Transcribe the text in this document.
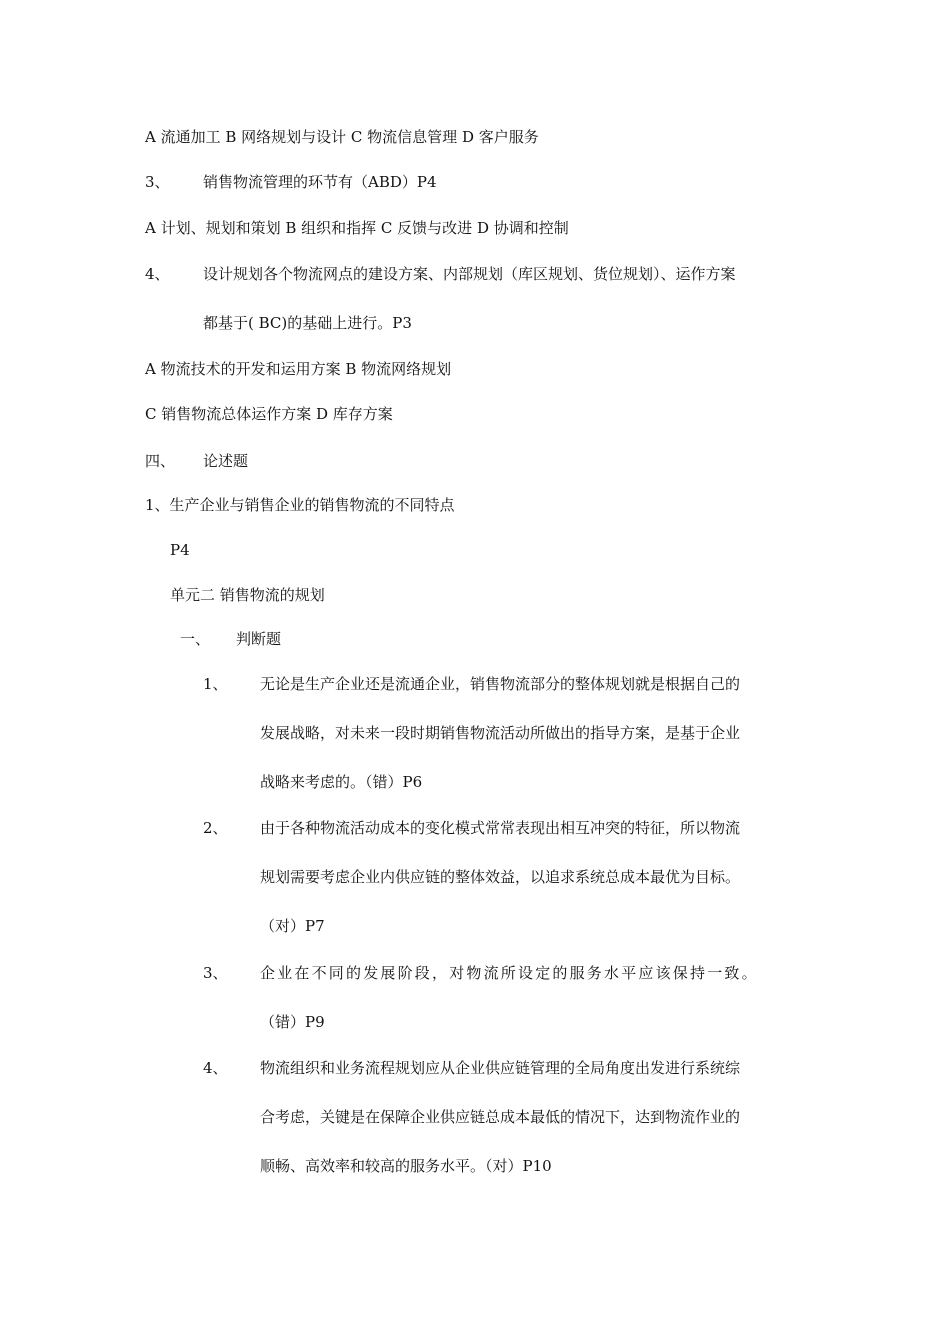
A 流通加工 B 网络规划与设计 C 物流信息管理 D 客户服务
3、 销售物流管理的环节有（ABD）P4
A 计划、规划和策划 B 组织和指挥 C 反馈与改进 D 协调和控制
4、 设计规划各个物流网点的建设方案、内部规划（库区规划、货位规划）、运作方案
都基于( BC)的基础上进行。P3
A 物流技术的开发和运用方案 B 物流网络规划
C 销售物流总体运作方案 D 库存方案
四、 论述题
1、生产企业与销售企业的销售物流的不同特点
P4
单元二 销售物流的规划
一、 判断题
1、 无论是生产企业还是流通企业，销售物流部分的整体规划就是根据自己的
发展战略，对未来一段时期销售物流活动所做出的指导方案，是基于企业
战略来考虑的。（错）P6
2、 由于各种物流活动成本的变化模式常常表现出相互冲突的特征，所以物流
规划需要考虑企业内供应链的整体效益，以追求系统总成本最优为目标。
（对）P7
3、 企业在不同的发展阶段，对物流所设定的服务水平应该保持一致。
（错）P9
4、 物流组织和业务流程规划应从企业供应链管理的全局角度出发进行系统综
合考虑，关键是在保障企业供应链总成本最低的情况下，达到物流作业的
顺畅、高效率和较高的服务水平。（对）P10
